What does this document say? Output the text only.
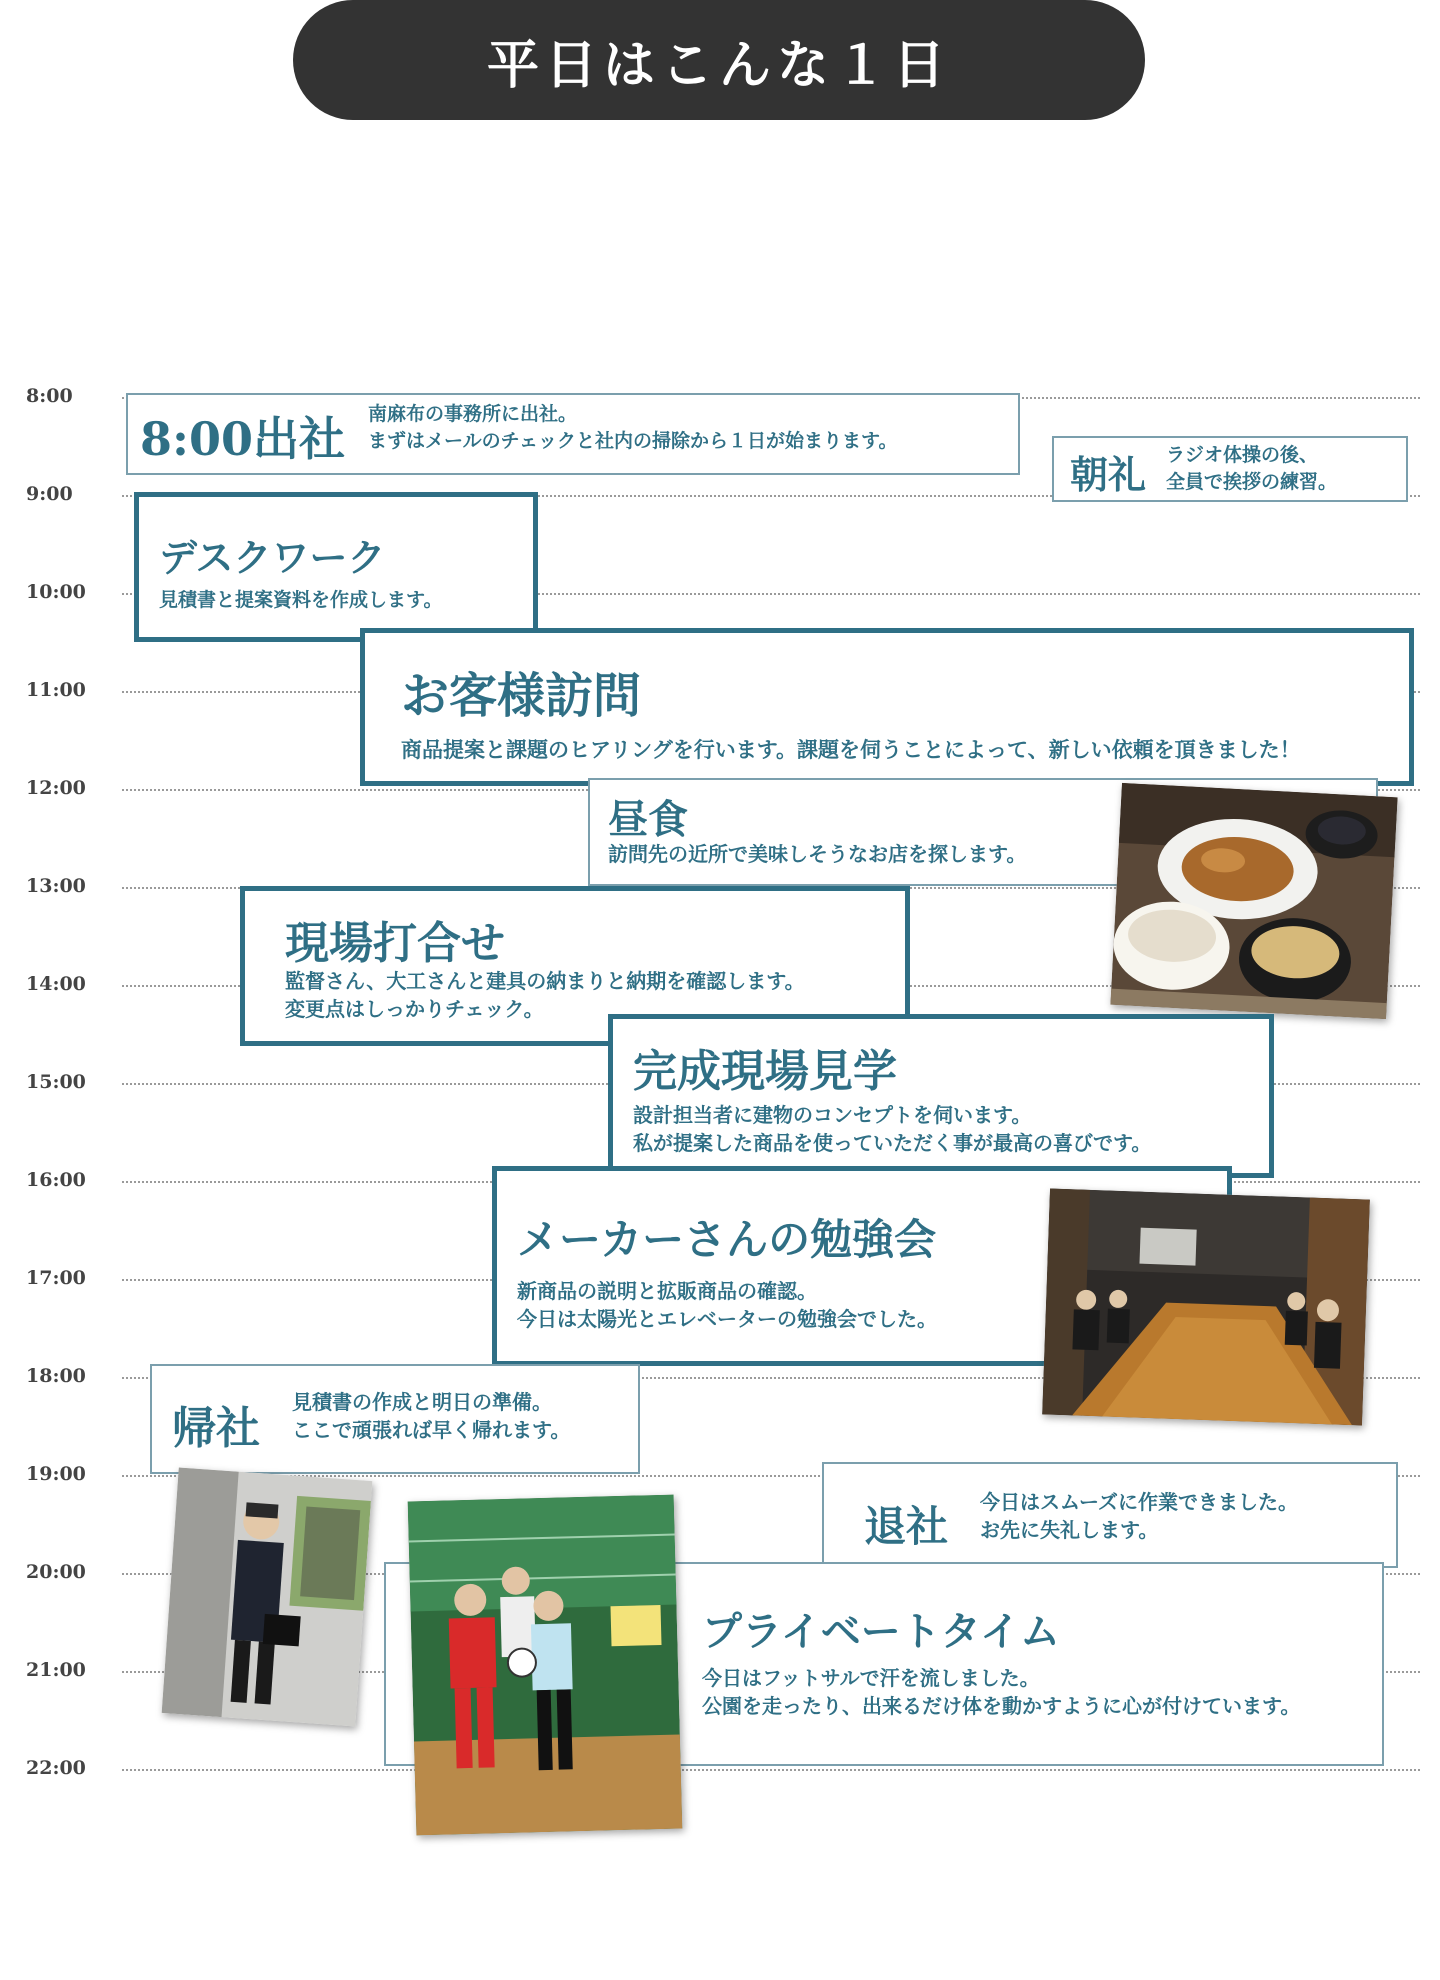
平日はこんな１日
8:00
9:00
10:00
11:00
12:00
13:00
14:00
15:00
16:00
17:00
18:00
19:00
20:00
21:00
22:00
8:00出社 南麻布の事務所に出社。
まずはメールのチェックと社内の掃除から１日が始まります。
朝礼 ラジオ体操の後、
全員で挨拶の練習。
デスクワーク
見積書と提案資料を作成します。
お客様訪問
商品提案と課題のヒアリングを行います。課題を伺うことによって、新しい依頼を頂きました！
昼食
訪問先の近所で美味しそうなお店を探します。
現場打合せ
監督さん、大工さんと建具の納まりと納期を確認します。
変更点はしっかりチェック。
完成現場見学
設計担当者に建物のコンセプトを伺います。
私が提案した商品を使っていただく事が最高の喜びです。
メーカーさんの勉強会
新商品の説明と拡販商品の確認。
今日は太陽光とエレベーターの勉強会でした。
帰社
見積書の作成と明日の準備。
ここで頑張れば早く帰れます。
退社 今日はスムーズに作業できました。
お先に失礼します。
プライベートタイム
今日はフットサルで汗を流しました。
公園を走ったり、出来るだけ体を動かすように心が付けています。
